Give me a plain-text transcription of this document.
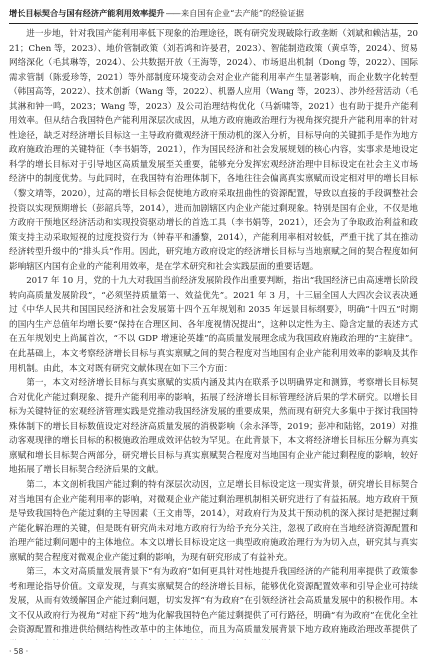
增长目标契合与国有经济产能利用效率提升——来自国有企业“去产能”的经验证据

进一步地，针对我国产能利用率低下现象的治理途径，既有研究发现破除行政垄断（刘斌和赖洁基，2021；Chen 等，2023）、地价管制政策（刘若鸿和许晏君，2023）、智能制造政策（黄卓等，2024）、贸易网络深化（毛其琳等，2024）、公共数据开放（王海等，2024）、市场退出机制（Dong 等，2022）、国际需求管制（陈爱珍等，2021）等外部制度环境变动会对企业产能利用率产生显著影响，而企业数字化转型（韩国高等，2022）、技术创新（Wang 等，2022）、机器人应用（Wang 等，2023）、涉外经营活动（毛其淋和钟一鸣，2023；Wang 等，2023）及公司治理结构优化（马新啸等，2021）也有助于提升产能利用效率。但从结合我国特色产能利用深层次成因，从地方政府施政治理行为视角探究提升产能利用率的针对性途径，缺乏对经济增长目标这一主导政府微观经济干预动机的深入分析，目标导向的关键抓手是作为地方政府施政治理的关键特征（李书娟等，2021），作为国民经济和社会发展规划的核心内容，实事求是地设定科学的增长目标对于引导地区高质量发展至关重要，能够充分发挥宏观经济治理中目标设定在社会主义市场经济中的制度优势。与此同时，在我国特有治理体制下，各地往往会偏离真实禀赋而设定相对甲的增长目标（黎文靖等，2020），过高的增长目标会促使地方政府采取扭曲性的资源配置，导致以直接的手段调整社会投资以实现预期增长（彭韶兵等，2014），进而加剧辖区内企业产能过剩现象。特别是国有企业，不仅是地方政府干预地区经济活动和实现投资驱动增长的首选工具（李书娟等，2021），还会为了争取政治利益和政策支持主动采取短视的过度投资行为（钟春平和潘黎，2014），产能利用率相对较低，严重干扰了其在推动经济转型升级中的“排头兵”作用。因此，研究地方政府设定的经济增长目标与当地禀赋之间的契合程度如何影响辖区内国有企业的产能利用效率，是在学术研究和社会实践层面的重要话题。

2017 年 10 月，党的十九大对我国当前经济发展阶段作出重要判断，指出“我国经济已由高速增长阶段转向高质量发展阶段”，“必须坚持质量第一、效益优先”。2021 年 3 月，十三届全国人大四次会议表决通过《中华人民共和国国民经济和社会发展第十四个五年规划和 2035 年远景目标纲要》，明确“十四五”时期的国内生产总值年均增长要“保持在合理区间、各年度视情况提出”，这种以定性为主、隐含定量的表述方式在五年规划史上尚属首次，“不以 GDP 增速论英雄”的高质量发展理念成为我国政府施政治理的“主旋律”。在此基础上，本文考察经济增长目标与真实禀赋之间的契合程度对当地国有企业产能利用效率的影响及其作用机制。由此，本文对既有研究文献体现在如下三个方面：

第一，本文对经济增长目标与真实禀赋的实质内涵及其内在联系予以明确界定和测算，考察增长目标契合对优化产能过剩现象、提升产能利用率的影响，拓展了经济增长目标管理经济后果的学术研究。以增长目标为关键特征的宏观经济管理实践是党推动我国经济发展的重要成果，然而现有研究大多集中于探讨我国特殊体制下的增长目标数值设定对经济高质量发展的消极影响（余永泽等，2019；彭冲和陆铭，2019）对推动客观现律的增长目标的积极施政治理成效评估较为罕见。在此背景下，本文将经济增长目标压分解为真实禀赋和增长目标契合两部分，研究增长目标与真实禀赋契合程度对当地国有企业产能过剩程度的影响，较好地拓展了增长目标契合经济后果的文献。

第二，本文剖析我国产能过剩的特有深层次动因，立足增长目标设定这一现实背景，研究增长目标契合对当地国有企业产能利用率的影响，对微观企业产能过剩治理机制相关研究进行了有益拓展。地方政府干预是导致我国特色产能过剩的主导因素（王文甫等，2014），对政府行为及其干预动机的深入探讨是把握过剩产能化解治理的关键，但是既有研究尚未对地方政府行为给予充分关注，忽视了政府在当地经济资源配置和治理产能过剩问题中的主体地位。本文以增长目标设定这一典型政府施政治理行为为切入点，研究其与真实禀赋的契合程度对微观企业产能过剩的影响，为现有研究形成了有益补充。

第三，本文对高质量发展背景下“有为政府”如何更具针对性地提升我国经济的产能利用率提供了政策参考和理论指导价值。文章发现，与真实禀赋契合的经济增长目标，能够优化资源配置效率和引导企业可持续发展，从而有效缓解国企产能过剩问题，切实发挥“有为政府”在引领经济社会高质量发展中的积极作用。本文不仅从政府行为视角“对症下药”地为化解我国特色产能过剩提供了可行路径，明确“有为政府”在优化全社会资源配置和推进供给侧结构性改革中的主体地位，而且为高质量发展背景下地方政府施政治理改革提供了

· 58 ·
